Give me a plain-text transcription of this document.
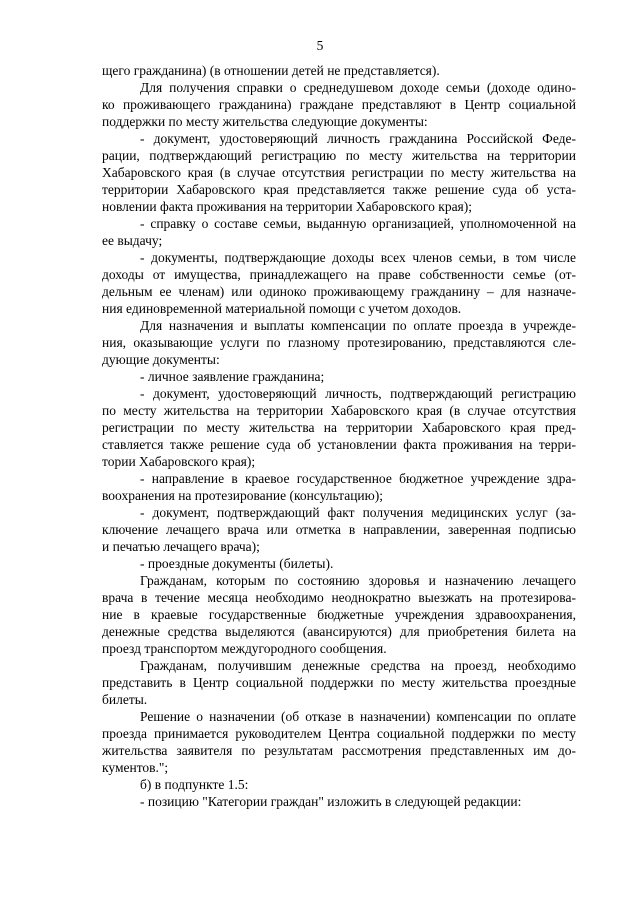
5

щего гражданина) (в отношении детей не представляется).

Для получения справки о среднедушевом доходе семьи (доходе одино-

ко проживающего гражданина) граждане представляют в Центр социальной

поддержки по месту жительства следующие документы:

- документ, удостоверяющий личность гражданина Российской Феде-

рации, подтверждающий регистрацию по месту жительства на территории

Хабаровского края (в случае отсутствия регистрации по месту жительства на

территории Хабаровского края представляется также решение суда об уста-

новлении факта проживания на территории Хабаровского края);

- справку о составе семьи, выданную организацией, уполномоченной на

ее выдачу;

- документы, подтверждающие доходы всех членов семьи, в том числе

доходы от имущества, принадлежащего на праве собственности семье (от-

дельным ее членам) или одиноко проживающему гражданину – для назначе-

ния единовременной материальной помощи с учетом доходов.

Для назначения и выплаты компенсации по оплате проезда в учрежде-

ния, оказывающие услуги по глазному протезированию, представляются сле-

дующие документы:

- личное заявление гражданина;

- документ, удостоверяющий личность, подтверждающий регистрацию

по месту жительства на территории Хабаровского края (в случае отсутствия

регистрации по месту жительства на территории Хабаровского края пред-

ставляется также решение суда об установлении факта проживания на терри-

тории Хабаровского края);

- направление в краевое государственное бюджетное учреждение здра-

воохранения на протезирование (консультацию);

- документ, подтверждающий факт получения медицинских услуг (за-

ключение лечащего врача или отметка в направлении, заверенная подписью

и печатью лечащего врача);

- проездные документы (билеты).

Гражданам, которым по состоянию здоровья и назначению лечащего

врача в течение месяца необходимо неоднократно выезжать на протезирова-

ние в краевые государственные бюджетные учреждения здравоохранения,

денежные средства выделяются (авансируются) для приобретения билета на

проезд транспортом междугородного сообщения.

Гражданам, получившим денежные средства на проезд, необходимо

представить в Центр социальной поддержки по месту жительства проездные

билеты.

Решение о назначении (об отказе в назначении) компенсации по оплате

проезда принимается руководителем Центра социальной поддержки по месту

жительства заявителя по результатам рассмотрения представленных им до-

кументов.";

б) в подпункте 1.5:

- позицию "Категории граждан" изложить в следующей редакции:
